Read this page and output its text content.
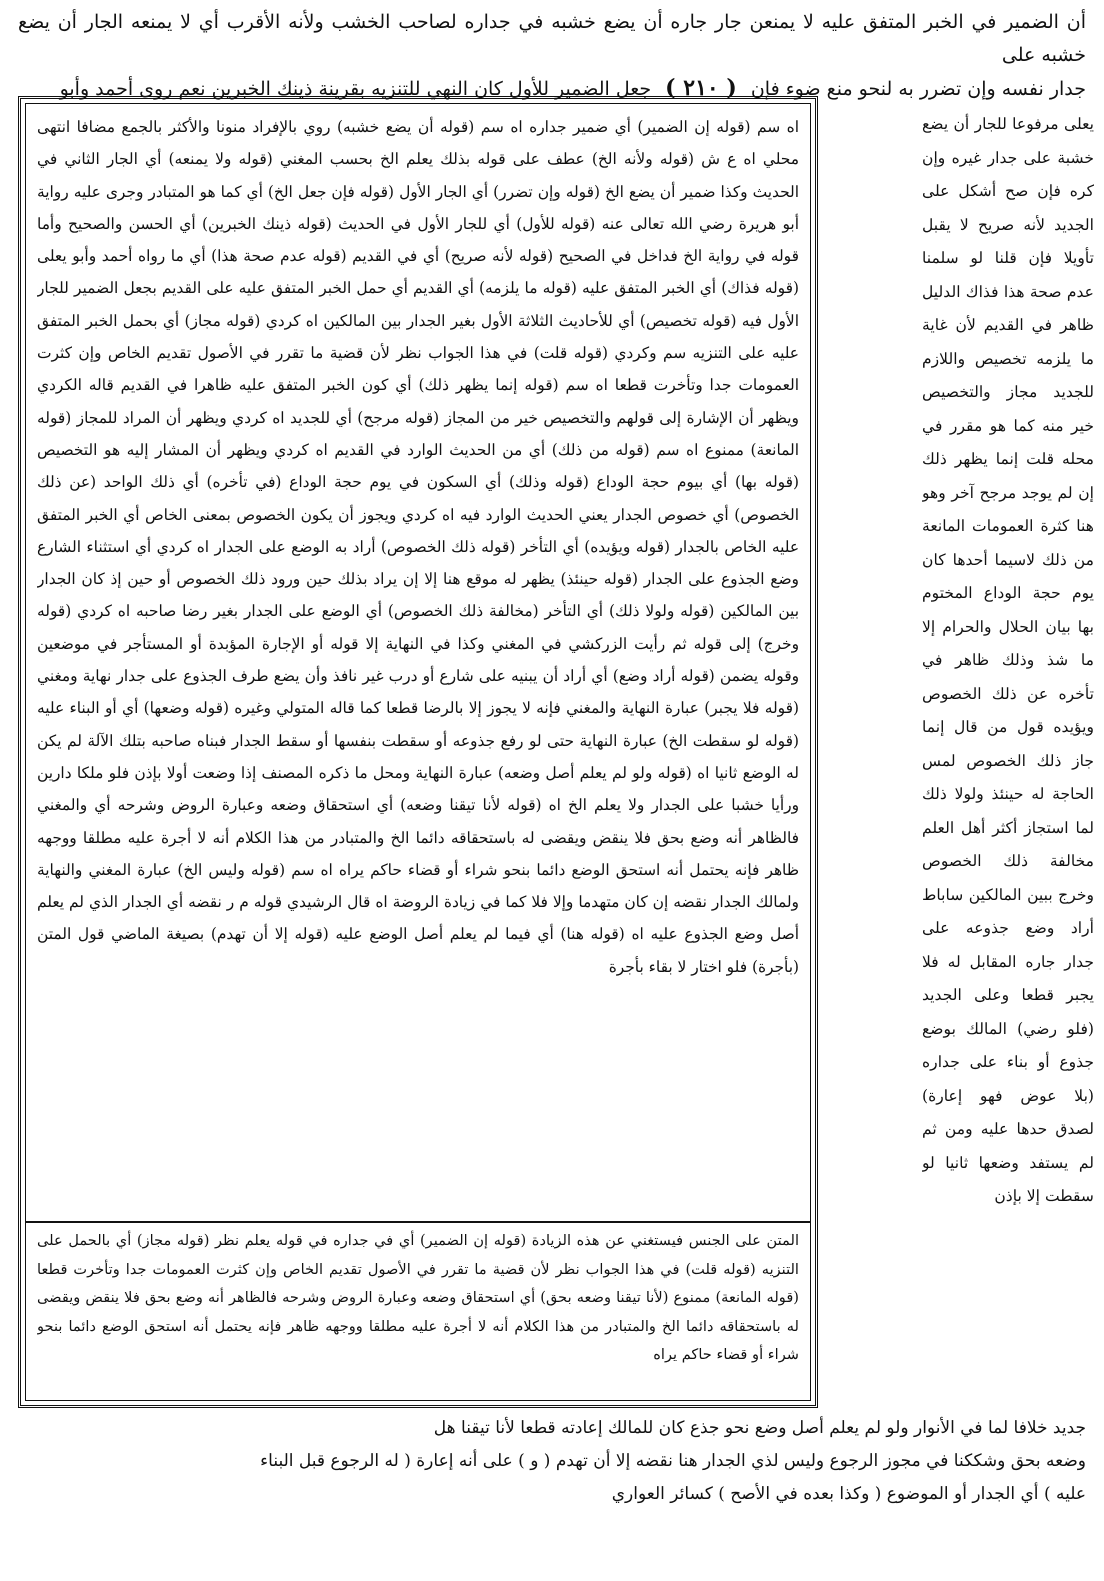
أن الضمير في الخبر المتفق عليه لا يمنعن جار جاره أن يضع خشبه في جداره لصاحب الخشب ولأنه الأقرب أي لا يمنعه الجار أن يضع خشبه على

جدار نفسه وإن تضرر به لنحو منع ضوء فإن ( ٢١٠ ) جعل الضمير للأول كان النهي للتنزيه بقرينة ذينك الخبرين نعم روى أحمد وأبو

يعلى مرفوعا للجار أن يضع خشبة على جدار غيره وإن كره فإن صح أشكل على الجديد لأنه صريح لا يقبل تأويلا فإن قلنا لو سلمنا عدم صحة هذا فذاك الدليل ظاهر في القديم لأن غاية ما يلزمه تخصيص واللازم للجديد مجاز والتخصيص خير منه كما هو مقرر في محله قلت إنما يظهر ذلك إن لم يوجد مرجح آخر وهو هنا كثرة العمومات المانعة من ذلك لاسيما أحدها كان يوم حجة الوداع المختوم بها بيان الحلال والحرام إلا ما شذ وذلك ظاهر في تأخره عن ذلك الخصوص ويؤيده قول من قال إنما جاز ذلك الخصوص لمس الحاجة له حينئذ ولولا ذلك لما استجاز أكثر أهل العلم مخالفة ذلك الخصوص وخرج ببين المالكين ساباط أراد وضع جذوعه على جدار جاره المقابل له فلا يجبر قطعا وعلى الجديد (فلو رضي) المالك بوضع جذوع أو بناء على جداره (بلا عوض فهو إعارة) لصدق حدها عليه ومن ثم لم يستفد وضعها ثانيا لو سقطت إلا بإذن

اه سم (قوله إن الضمير) أي ضمير جداره اه سم (قوله أن يضع خشبه) روي بالإفراد منونا والأكثر بالجمع مضافا انتهى محلي اه ع ش (قوله ولأنه الخ) عطف على قوله بذلك يعلم الخ بحسب المغني (قوله ولا يمنعه) أي الجار الثاني في الحديث وكذا ضمير أن يضع الخ (قوله وإن تضرر) أي الجار الأول (قوله فإن جعل الخ) أي كما هو المتبادر وجرى عليه رواية أبو هريرة رضي الله تعالى عنه (قوله للأول) أي للجار الأول في الحديث (قوله ذينك الخبرين) أي الحسن والصحيح وأما قوله في رواية الخ فداخل في الصحيح (قوله لأنه صريح) أي في القديم (قوله عدم صحة هذا) أي ما رواه أحمد وأبو يعلى (قوله فذاك) أي الخبر المتفق عليه (قوله ما يلزمه) أي القديم أي حمل الخبر المتفق عليه على القديم بجعل الضمير للجار الأول فيه (قوله تخصيص) أي للأحاديث الثلاثة الأول بغير الجدار بين المالكين اه كردي (قوله مجاز) أي بحمل الخبر المتفق عليه على التنزيه سم وكردي (قوله قلت) في هذا الجواب نظر لأن قضية ما تقرر في الأصول تقديم الخاص وإن كثرت العمومات جدا وتأخرت قطعا اه سم (قوله إنما يظهر ذلك) أي كون الخبر المتفق عليه ظاهرا في القديم قاله الكردي ويظهر أن الإشارة إلى قولهم والتخصيص خير من المجاز (قوله مرجح) أي للجديد اه كردي ويظهر أن المراد للمجاز (قوله المانعة) ممنوع اه سم (قوله من ذلك) أي من الحديث الوارد في القديم اه كردي ويظهر أن المشار إليه هو التخصيص (قوله بها) أي بيوم حجة الوداع (قوله وذلك) أي السكون في يوم حجة الوداع (في تأخره) أي ذلك الواحد (عن ذلك الخصوص) أي خصوص الجدار يعني الحديث الوارد فيه اه كردي ويجوز أن يكون الخصوص بمعنى الخاص أي الخبر المتفق عليه الخاص بالجدار (قوله ويؤيده) أي التأخر (قوله ذلك الخصوص) أراد به الوضع على الجدار اه كردي أي استثناء الشارع وضع الجذوع على الجدار (قوله حينئذ) يظهر له موقع هنا إلا إن يراد بذلك حين ورود ذلك الخصوص أو حين إذ كان الجدار بين المالكين (قوله ولولا ذلك) أي التأخر (مخالفة ذلك الخصوص) أي الوضع على الجدار بغير رضا صاحبه اه كردي (قوله وخرج) إلى قوله ثم رأيت الزركشي في المغني وكذا في النهاية إلا قوله أو الإجارة المؤبدة أو المستأجر في موضعين وقوله يضمن (قوله أراد وضع) أي أراد أن يبنيه على شارع أو درب غير نافذ وأن يضع طرف الجذوع على جدار نهاية ومغني (قوله فلا يجبر) عبارة النهاية والمغني فإنه لا يجوز إلا بالرضا قطعا كما قاله المتولي وغيره (قوله وضعها) أي أو البناء عليه (قوله لو سقطت الخ) عبارة النهاية حتى لو رفع جذوعه أو سقطت بنفسها أو سقط الجدار فبناه صاحبه بتلك الآلة لم يكن له الوضع ثانيا اه (قوله ولو لم يعلم أصل وضعه) عبارة النهاية ومحل ما ذكره المصنف إذا وضعت أولا بإذن فلو ملكا دارين ورأيا خشبا على الجدار ولا يعلم الخ اه (قوله لأنا تيقنا وضعه) أي استحقاق وضعه وعبارة الروض وشرحه أي والمغني فالظاهر أنه وضع بحق فلا ينقض ويقضى له باستحقاقه دائما الخ والمتبادر من هذا الكلام أنه لا أجرة عليه مطلقا ووجهه ظاهر فإنه يحتمل أنه استحق الوضع دائما بنحو شراء أو قضاء حاكم يراه اه سم (قوله وليس الخ) عبارة المغني والنهاية ولمالك الجدار نقضه إن كان متهدما وإلا فلا كما في زيادة الروضة اه قال الرشيدي قوله م ر نقضه أي الجدار الذي لم يعلم أصل وضع الجذوع عليه اه (قوله هنا) أي فيما لم يعلم أصل الوضع عليه (قوله إلا أن تهدم) بصيغة الماضي قول المتن (بأجرة) فلو اختار لا بقاء بأجرة

المتن على الجنس فيستغني عن هذه الزيادة (قوله إن الضمير) أي في جداره في قوله يعلم نظر (قوله مجاز) أي بالحمل على التنزيه (قوله قلت) في هذا الجواب نظر لأن قضية ما تقرر في الأصول تقديم الخاص وإن كثرت العمومات جدا وتأخرت قطعا (قوله المانعة) ممنوع (لأنا تيقنا وضعه بحق) أي استحقاق وضعه وعبارة الروض وشرحه فالظاهر أنه وضع بحق فلا ينقض ويقضى له باستحقاقه دائما الخ والمتبادر من هذا الكلام أنه لا أجرة عليه مطلقا ووجهه ظاهر فإنه يحتمل أنه استحق الوضع دائما بنحو شراء أو قضاء حاكم يراه

جديد خلافا لما في الأنوار ولو لم يعلم أصل وضع نحو جذع كان للمالك إعادته قطعا لأنا تيقنا هل

وضعه بحق وشككنا في مجوز الرجوع وليس لذي الجدار هنا نقضه إلا أن تهدم ( و ) على أنه إعارة ( له الرجوع قبل البناء

عليه ) أي الجدار أو الموضوع ( وكذا بعده في الأصح ) كسائر العواري
